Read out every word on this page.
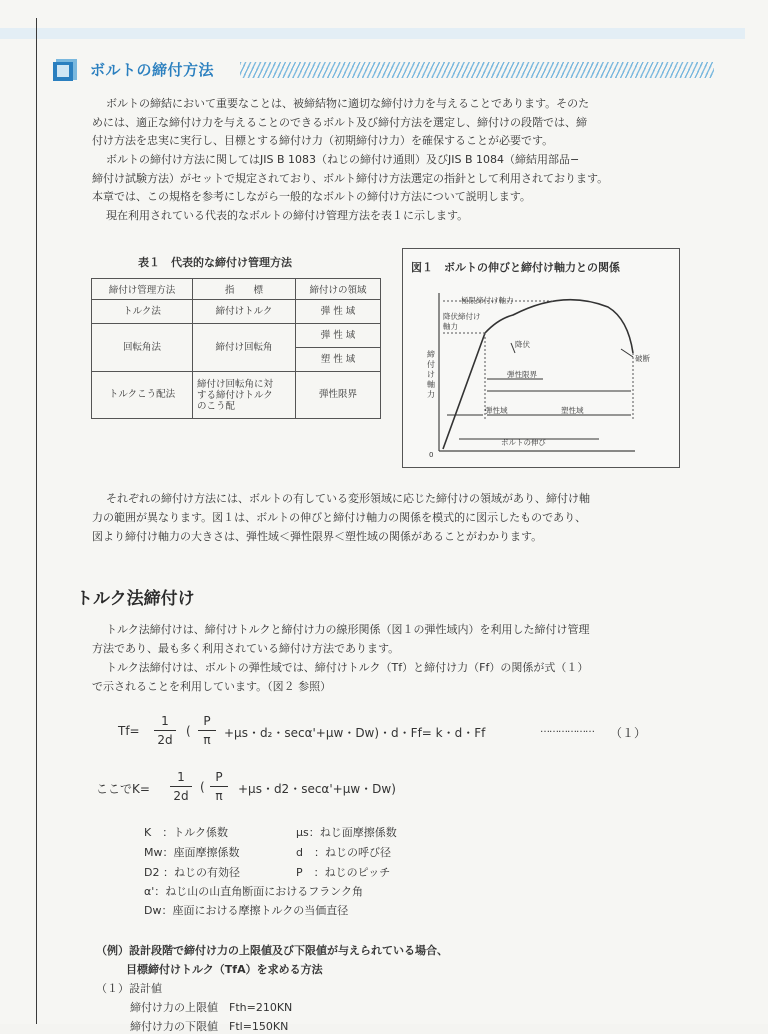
ボルトの締付方法
ボルトの締結において重要なことは、被締結物に適切な締付け力を与えることであります。そのた
めには、適正な締付け力を与えることのできるボルト及び締付方法を選定し、締付けの段階では、締
付け方法を忠実に実行し、目標とする締付け力（初期締付け力）を確保することが必要です。
ボルトの締付け方法に関してはJIS B 1083（ねじの締付け通則）及びJIS B 1084（締結用部品−
締付け試験方法）がセットで規定されており、ボルト締付け方法選定の指針として利用されております。
本章では、この規格を参考にしながら一般的なボルトの締付け方法について説明します。
現在利用されている代表的なボルトの締付け管理方法を表１に示します。
表１　代表的な締付け管理方法
締付け管理方法	指　　標	締付けの領域
トルク法	締付けトルク	弾 性 域
回転角法	締付け回転角	弾 性 域
		塑 性 域
トルクこう配法	締付け回転角に対
する締付けトルク
のこう配	弾性限界
図１　ボルトの伸びと締付け軸力との関係
0
締
付
け
軸
力
極限締付け軸力
降伏締付け
軸力
降伏
破断
弾性限界
弾性域	塑性域
ボルトの伸び
それぞれの締付け方法には、ボルトの有している変形領域に応じた締付けの領域があり、締付け軸
力の範囲が異なります。図１は、ボルトの伸びと締付け軸力の関係を模式的に図示したものであり、
図より締付け軸力の大きさは、弾性域＜弾性限界＜塑性域の関係があることがわかります。
トルク法締付け
トルク法締付けは、締付けトルクと締付け力の線形関係（図１の弾性域内）を利用した締付け管理
方法であり、最も多く利用されている締付け方法であります。
トルク法締付けは、ボルトの弾性域では、締付けトルク（Tf）と締付け力（Ff）の関係が式（１）
で示されることを利用しています。（図２ 参照）
Tf=
1
2d
(
P
π	+μs・d₂・secα'+μw・Dw)・d・Ff= k・d・Ff	……………… （１）
ここでK=
1
2d
(
P
π	+μs・d2・secα'+μw・Dw)
K　：トルク係数	μs：ねじ面摩擦係数
Mw：座面摩擦係数	d　：ねじの呼び径
D2 ：ねじの有効径	P　：ねじのピッチ
α'：ねじ山の山直角断面におけるフランク角
Dw：座面における摩擦トルクの当価直径
（例）設計段階で締付け力の上限値及び下限値が与えられている場合、
目標締付けトルク（TfA）を求める方法
（１）設計値
締付け力の上限値　Fth=210KN
締付け力の下限値　Ftl=150KN
